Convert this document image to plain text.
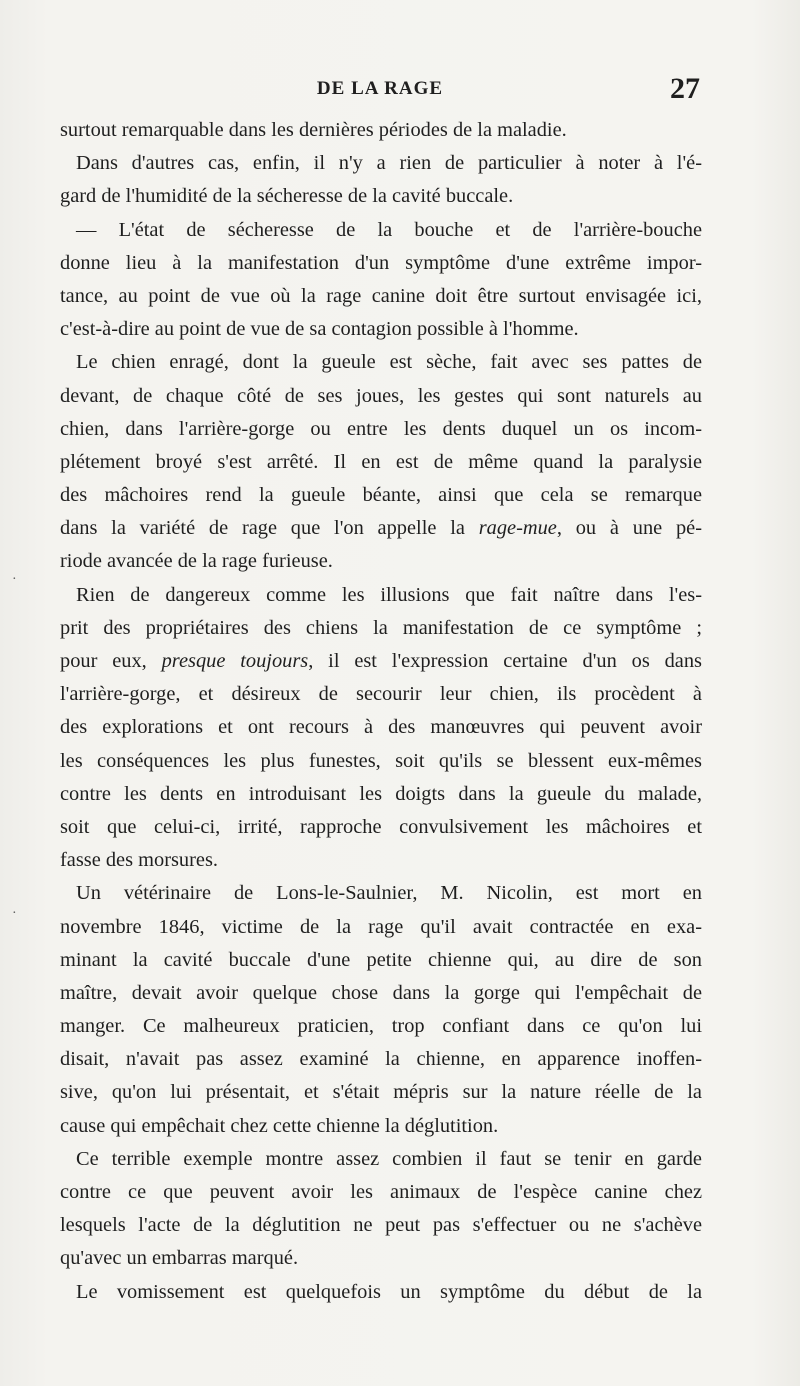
DE LA RAGE	27
surtout remarquable dans les dernières périodes de la maladie.
Dans d'autres cas, enfin, il n'y a rien de particulier à noter à l'é-
gard de l'humidité de la sécheresse de la cavité buccale.
— L'état de sécheresse de la bouche et de l'arrière-bouche
donne lieu à la manifestation d'un symptôme d'une extrême impor-
tance, au point de vue où la rage canine doit être surtout envisagée ici,
c'est-à-dire au point de vue de sa contagion possible à l'homme.
Le chien enragé, dont la gueule est sèche, fait avec ses pattes de
devant, de chaque côté de ses joues, les gestes qui sont naturels au
chien, dans l'arrière-gorge ou entre les dents duquel un os incom-
plétement broyé s'est arrêté. Il en est de même quand la paralysie
des mâchoires rend la gueule béante, ainsi que cela se remarque
dans la variété de rage que l'on appelle la rage-mue, ou à une pé-
riode avancée de la rage furieuse.
Rien de dangereux comme les illusions que fait naître dans l'es-
prit des propriétaires des chiens la manifestation de ce symptôme ;
pour eux, presque toujours, il est l'expression certaine d'un os dans
l'arrière-gorge, et désireux de secourir leur chien, ils procèdent à
des explorations et ont recours à des manœuvres qui peuvent avoir
les conséquences les plus funestes, soit qu'ils se blessent eux-mêmes
contre les dents en introduisant les doigts dans la gueule du malade,
soit que celui-ci, irrité, rapproche convulsivement les mâchoires et
fasse des morsures.
Un vétérinaire de Lons-le-Saulnier, M. Nicolin, est mort en
novembre 1846, victime de la rage qu'il avait contractée en exa-
minant la cavité buccale d'une petite chienne qui, au dire de son
maître, devait avoir quelque chose dans la gorge qui l'empêchait de
manger. Ce malheureux praticien, trop confiant dans ce qu'on lui
disait, n'avait pas assez examiné la chienne, en apparence inoffen-
sive, qu'on lui présentait, et s'était mépris sur la nature réelle de la
cause qui empêchait chez cette chienne la déglutition.
Ce terrible exemple montre assez combien il faut se tenir en garde
contre ce que peuvent avoir les animaux de l'espèce canine chez
lesquels l'acte de la déglutition ne peut pas s'effectuer ou ne s'achève
qu'avec un embarras marqué.
Le vomissement est quelquefois un symptôme du début de la
·
·
